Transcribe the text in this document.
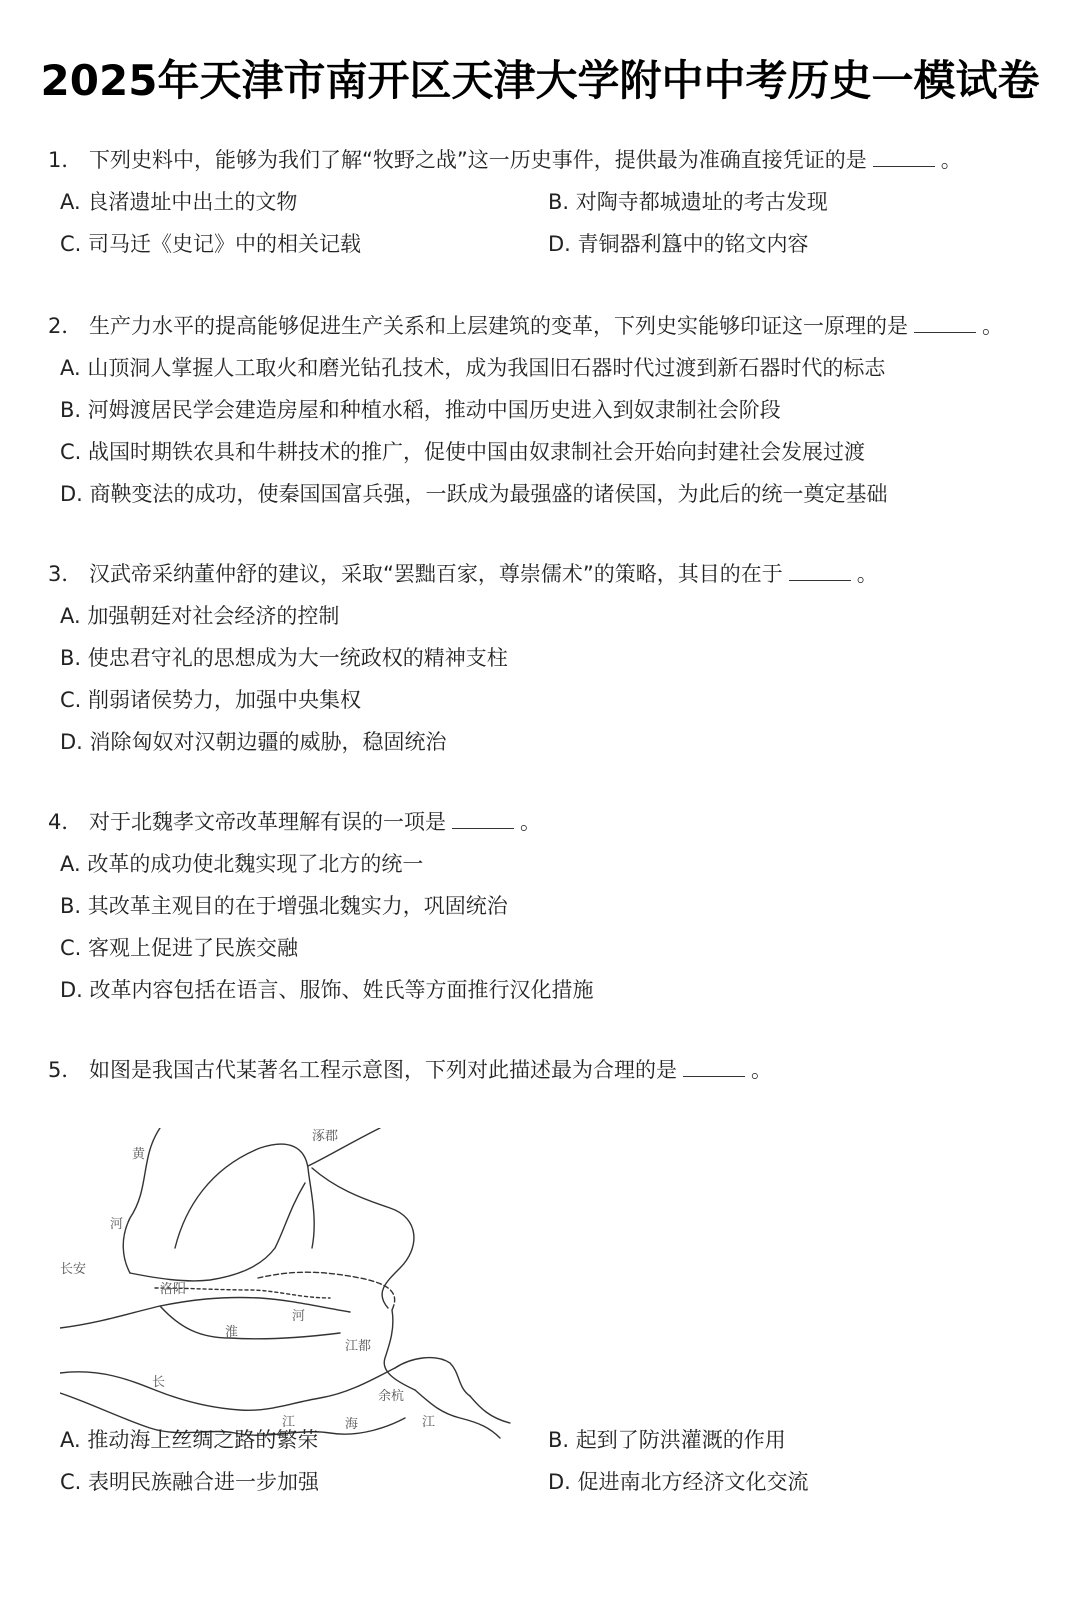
2025年天津市南开区天津大学附中中考历史一模试卷
1． 下列史料中，能够为我们了解“牧野之战”这一历史事件，提供最为准确直接凭证的是	。
A. 良渚遗址中出土的文物	B. 对陶寺都城遗址的考古发现
C. 司马迁《史记》中的相关记载	D. 青铜器利簋中的铭文内容
2． 生产力水平的提高能够促进生产关系和上层建筑的变革，下列史实能够印证这一原理的是	。
A. 山顶洞人掌握人工取火和磨光钻孔技术，成为我国旧石器时代过渡到新石器时代的标志
B. 河姆渡居民学会建造房屋和种植水稻，推动中国历史进入到奴隶制社会阶段
C. 战国时期铁农具和牛耕技术的推广，促使中国由奴隶制社会开始向封建社会发展过渡
D. 商鞅变法的成功，使秦国国富兵强，一跃成为最强盛的诸侯国，为此后的统一奠定基础
3． 汉武帝采纳董仲舒的建议，采取“罢黜百家，尊崇儒术”的策略，其目的在于	。
A. 加强朝廷对社会经济的控制
B. 使忠君守礼的思想成为大一统政权的精神支柱
C. 削弱诸侯势力，加强中央集权
D. 消除匈奴对汉朝边疆的威胁，稳固统治
4． 对于北魏孝文帝改革理解有误的一项是	。
A. 改革的成功使北魏实现了北方的统一
B. 其改革主观目的在于增强北魏实力，巩固统治
C. 客观上促进了民族交融
D. 改革内容包括在语言、服饰、姓氏等方面推行汉化措施
5． 如图是我国古代某著名工程示意图，下列对此描述最为合理的是	。
涿郡
黄
河
长安
洛阳
淮
河
江都
长
江	海
余杭
江
A. 推动海上丝绸之路的繁荣	B. 起到了防洪灌溉的作用
C. 表明民族融合进一步加强	D. 促进南北方经济文化交流
